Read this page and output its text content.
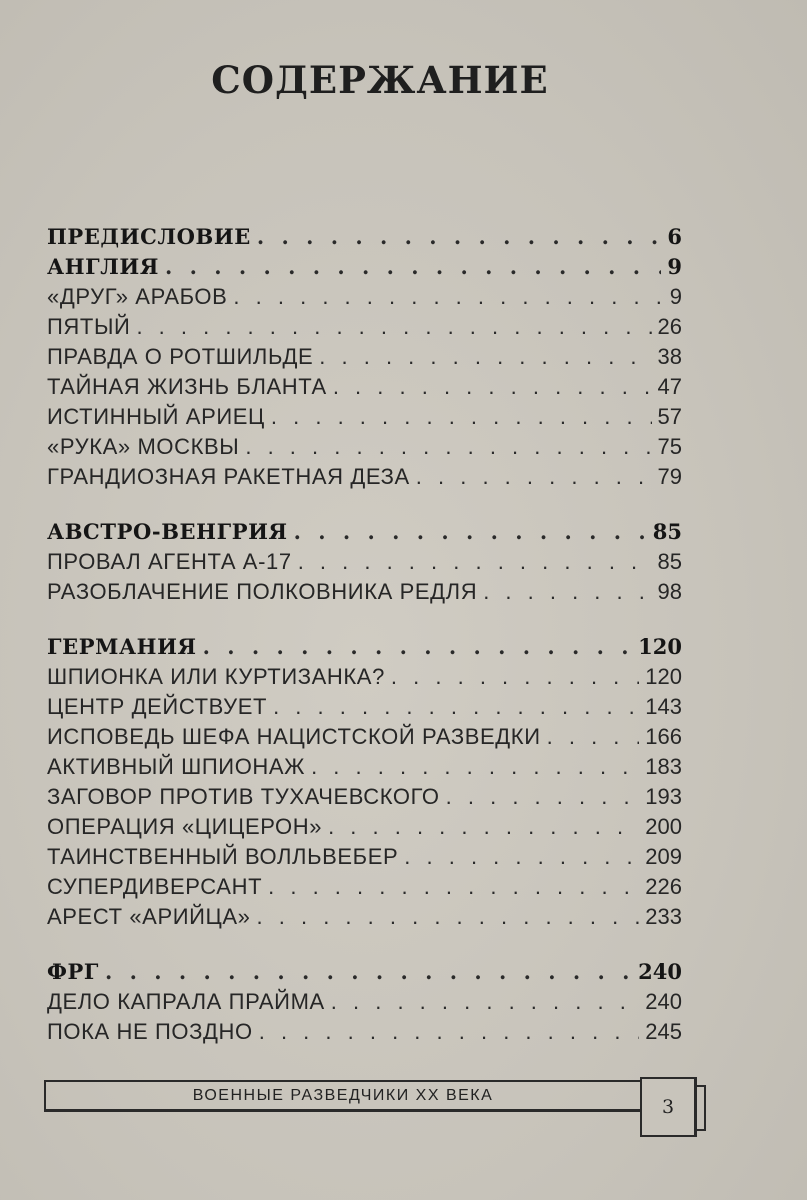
СОДЕРЖАНИЕ
ПРЕДИСЛОВИЕ . . .	6
АНГЛИЯ . . .	9
«ДРУГ» АРАБОВ . . .	9
ПЯТЫЙ . . .	26
ПРАВДА О РОТШИЛЬДЕ . . .	38
ТАЙНАЯ ЖИЗНЬ БЛАНТА . . .	47
ИСТИННЫЙ АРИЕЦ . . .	57
«РУКА» МОСКВЫ . . .	75
ГРАНДИОЗНАЯ РАКЕТНАЯ ДЕЗА . . .	79
АВСТРО-ВЕНГРИЯ . . .	85
ПРОВАЛ АГЕНТА А-17 . . .	85
РАЗОБЛАЧЕНИЕ ПОЛКОВНИКА РЕДЛЯ . . .	98
ГЕРМАНИЯ . . .	120
ШПИОНКА ИЛИ КУРТИЗАНКА? . . .	120
ЦЕНТР ДЕЙСТВУЕТ . . .	143
ИСПОВЕДЬ ШЕФА НАЦИСТСКОЙ РАЗВЕДКИ . . .	166
АКТИВНЫЙ ШПИОНАЖ . . .	183
ЗАГОВОР ПРОТИВ ТУХАЧЕВСКОГО . . .	193
ОПЕРАЦИЯ «ЦИЦЕРОН» . . .	200
ТАИНСТВЕННЫЙ ВОЛЛЬВЕБЕР . . .	209
СУПЕРДИВЕРСАНТ . . .	226
АРЕСТ «АРИЙЦА» . . .	233
ФРГ . . .	240
ДЕЛО КАПРАЛА ПРАЙМА . . .	240
ПОКА НЕ ПОЗДНО . . .	245
ВОЕННЫЕ РАЗВЕДЧИКИ XX ВЕКА
3
